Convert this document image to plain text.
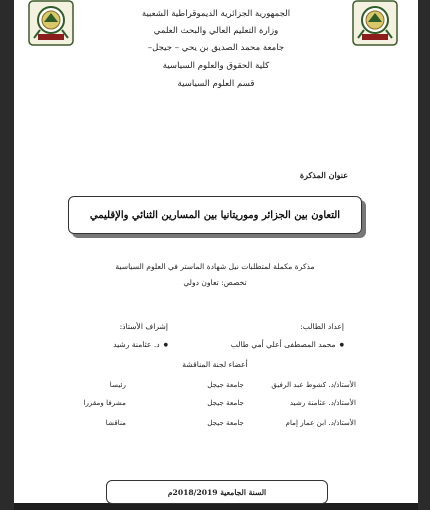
الجمهورية الجزائرية الديموقراطية الشعبية
وزارة التعليم العالي والبحث العلمي
جامعة محمد الصديق بن يحي – جيجل–
كلية الحقوق والعلوم السياسية
قسم العلوم السياسية
عنوان المذكرة
التعاون بين الجزائر وموريتانيا بين المسارين الثنائي والإقليمي
مذكرة مكملة لمتطلبات نيل شهادة الماستر في العلوم السياسية
تخصص: تعاون دولي
إعداد الطالب:
● محمد المصطفى أعلي أمي طالب
إشراف الأستاذ:
● د. عثامنة رشيد
أعضاء لجنة المناقشة
الأستاذ/د. كشوط عبد الرفيق
جامعة جيجل
رئيسا
الأستاذ/د. عثامنة رشيد
جامعة جيجل
مشرفا ومقررا
الأستاذ/د. ابن عمار إمام
جامعة جيجل
مناقشا
السنة الجامعية 2018/2019م
